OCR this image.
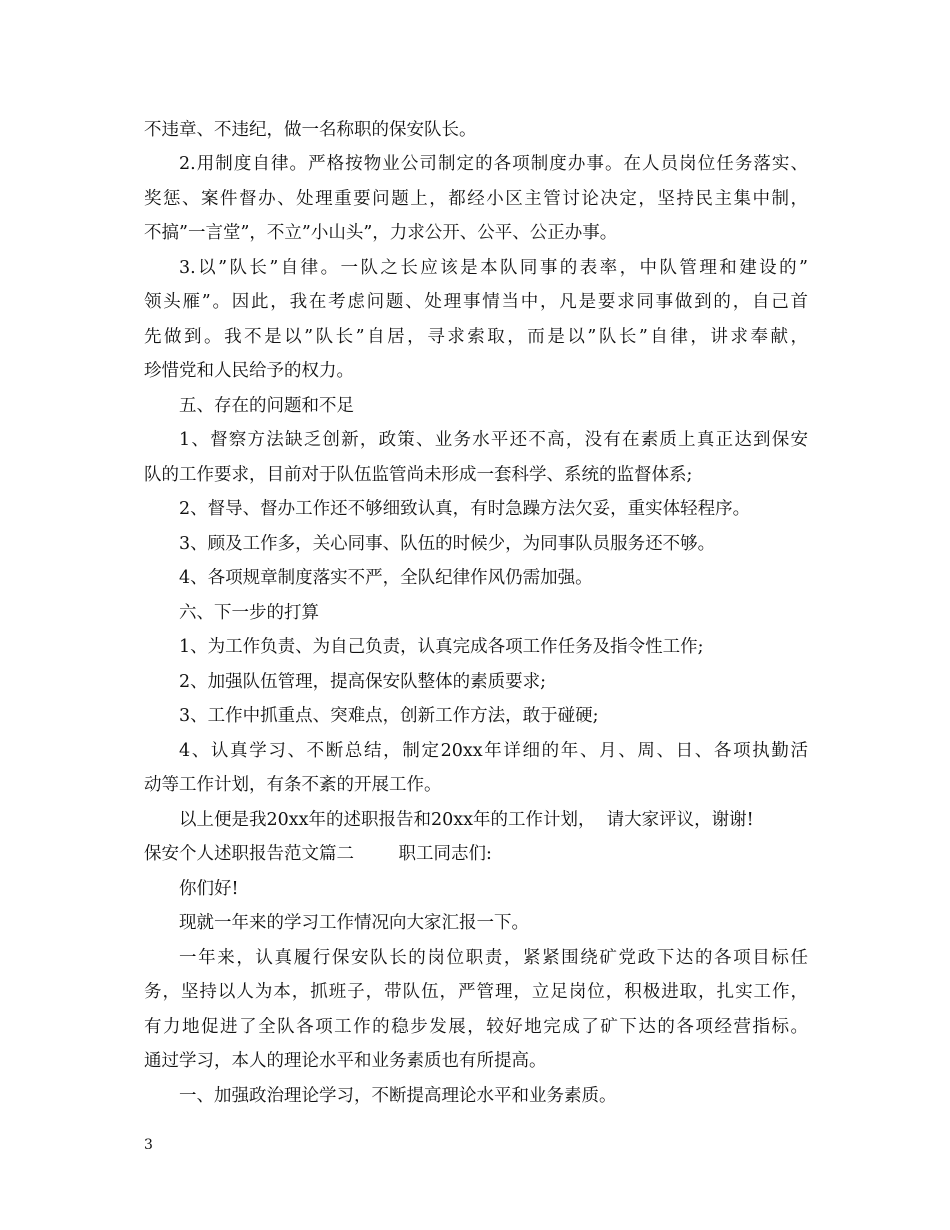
不违章、不违纪，做一名称职的保安队长。
2.用制度自律。严格按物业公司制定的各项制度办事。在人员岗位任务落实、
奖惩、案件督办、处理重要问题上，都经小区主管讨论决定，坚持民主集中制，
不搞”一言堂”，不立”小山头”，力求公开、公平、公正办事。
3.以”队长”自律。一队之长应该是本队同事的表率，中队管理和建设的”
领头雁”。因此，我在考虑问题、处理事情当中，凡是要求同事做到的，自己首
先做到。我不是以”队长”自居，寻求索取，而是以”队长”自律，讲求奉献，
珍惜党和人民给予的权力。
五、存在的问题和不足
1、督察方法缺乏创新，政策、业务水平还不高，没有在素质上真正达到保安
队的工作要求，目前对于队伍监管尚未形成一套科学、系统的监督体系;
2、督导、督办工作还不够细致认真，有时急躁方法欠妥，重实体轻程序。
3、顾及工作多，关心同事、队伍的时候少，为同事队员服务还不够。
4、各项规章制度落实不严，全队纪律作风仍需加强。
六、下一步的打算
1、为工作负责、为自己负责，认真完成各项工作任务及指令性工作;
2、加强队伍管理，提高保安队整体的素质要求;
3、工作中抓重点、突难点，创新工作方法，敢于碰硬;
4、认真学习、不断总结，制定20xx年详细的年、月、周、日、各项执勤活
动等工作计划，有条不紊的开展工作。
以上便是我20xx年的述职报告和20xx年的工作计划，  请大家评议，谢谢!
保安个人述职报告范文篇二        职工同志们:
你们好!
现就一年来的学习工作情况向大家汇报一下。
一年来，认真履行保安队长的岗位职责，紧紧围绕矿党政下达的各项目标任
务，坚持以人为本，抓班子，带队伍，严管理，立足岗位，积极进取，扎实工作，
有力地促进了全队各项工作的稳步发展，较好地完成了矿下达的各项经营指标。
通过学习，本人的理论水平和业务素质也有所提高。
一、加强政治理论学习，不断提高理论水平和业务素质。
3
